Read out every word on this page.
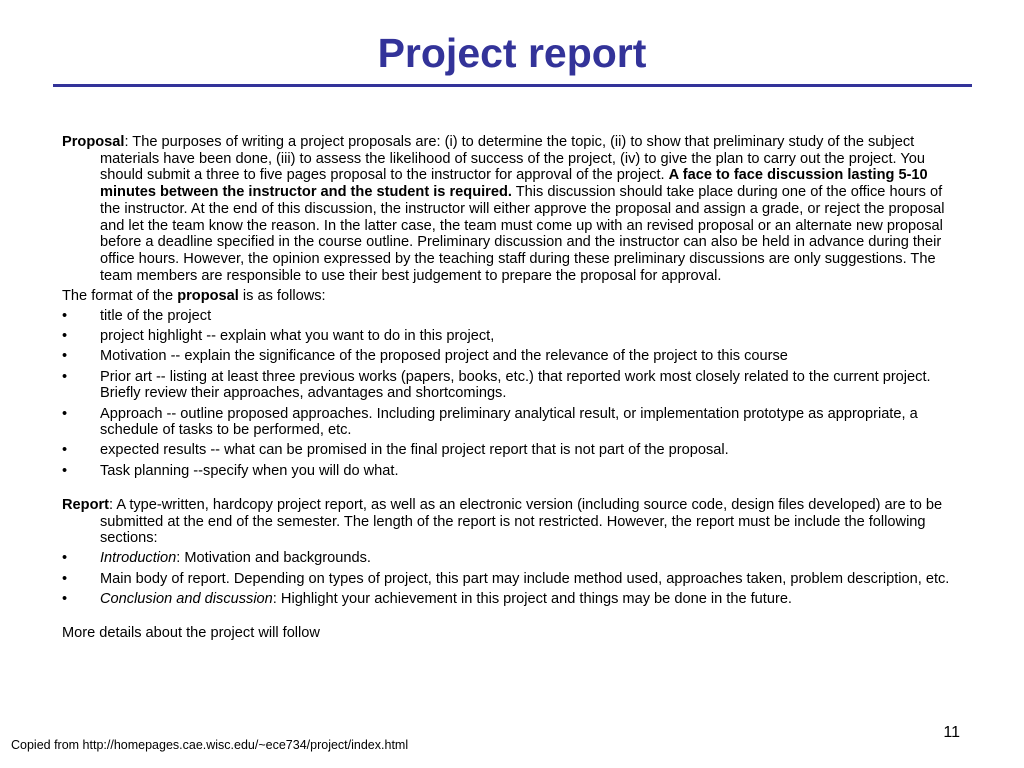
Project report

Proposal: The purposes of writing a project proposals are: (i) to determine the topic, (ii) to show that preliminary study of the subject materials have been done, (iii) to assess the likelihood of success of the project, (iv) to give the plan to carry out the project. You should submit a three to five pages proposal to the instructor for approval of the project. A face to face discussion lasting 5-10 minutes between the instructor and the student is required. This discussion should take place during one of the office hours of the instructor. At the end of this discussion, the instructor will either approve the proposal and assign a grade, or reject the proposal and let the team know the reason. In the latter case, the team must come up with an revised proposal or an alternate new proposal before a deadline specified in the course outline. Preliminary discussion and the instructor can also be held in advance during their office hours. However, the opinion expressed by the teaching staff during these preliminary discussions are only suggestions. The team members are responsible to use their best judgement to prepare the proposal for approval.

The format of the proposal is as follows:

•	title of the project
•	project highlight -- explain what you want to do in this project,
•	Motivation -- explain the significance of the proposed project and the relevance of the project to this course
•	Prior art -- listing at least three previous works (papers, books, etc.) that reported work most closely related to the current project. Briefly review their approaches, advantages and shortcomings.
•	Approach -- outline proposed approaches. Including preliminary analytical result, or implementation prototype as appropriate, a schedule of tasks to be performed, etc.
•	expected results -- what can be promised in the final project report that is not part of the proposal.
•	Task planning --specify when you will do what.

Report: A type-written, hardcopy project report, as well as an electronic version (including source code, design files developed) are to be submitted at the end of the semester. The length of the report is not restricted. However, the report must be include the following sections:

•	Introduction: Motivation and backgrounds.
•	Main body of report. Depending on types of project, this part may include method used, approaches taken, problem description, etc.
•	Conclusion and discussion: Highlight your achievement in this project and things may be done in the future.

More details about the project will follow

11
Copied from http://homepages.cae.wisc.edu/~ece734/project/index.html
